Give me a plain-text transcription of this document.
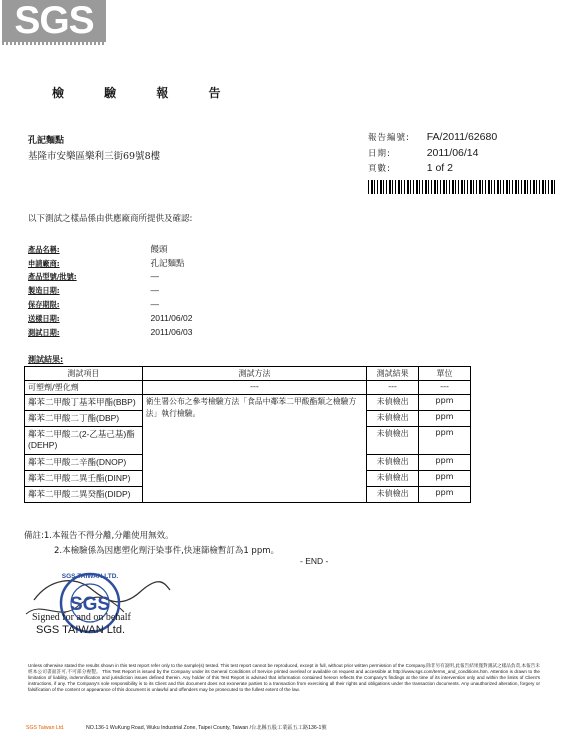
SGS
檢 驗 報 告
孔記麵點
基隆市安樂區樂利三街69號8樓
報告編號: FA/2011/62680
日期:	2011/06/14
頁數:	1 of 2
以下測試之樣品係由供應廠商所提供及確認:
產品名稱:	饅頭
申請廠商:	孔記麵點
產品型號/批號:	—
製造日期:	—
保存期限:	—
送樣日期:	2011/06/02
測試日期:	2011/06/03
測試結果:
測試項目	測試方法	測試結果	單位
可塑劑/塑化劑	---	---	---
鄰苯二甲酸丁基苯甲酯(BBP)	衛生署公布之參考檢驗方法「食品中鄰苯二甲酸酯類之檢驗方法」執行檢驗。	未偵檢出	ppm
鄰苯二甲酸二丁酯(DBP)		未偵檢出	ppm
鄰苯二甲酸二(2-乙基己基)酯(DEHP)		未偵檢出	ppm
鄰苯二甲酸二辛酯(DNOP)		未偵檢出	ppm
鄰苯二甲酸二異壬酯(DINP)		未偵檢出	ppm
鄰苯二甲酸二異癸酯(DIDP)		未偵檢出	ppm
備註:1.本報告不得分離,分離使用無效。
2.本檢驗係為因應塑化劑汙染事件,快速篩檢暫訂為1 ppm。
- END -
SGS TAIWAN LTD.
SGS
Signed for and on behalf
SGS TAIWAN Ltd.
Unless otherwise stated the results shown in this test report refer only to the sample(s) tested. This test report cannot be reproduced, except in full, without prior written permission of the Company.除非另有說明,此報告結果僅對測試之樣品負責,本報告未經本公司書面許可,不可部分複製。 This Test Report is issued by the Company under its General Conditions of Service printed overleaf or available on request and accessible at http://www.sgs.com/terms_and_conditions.htm. Attention is drawn to the limitation of liability, indemnification and jurisdiction issues defined therein. Any holder of this Test Report is advised that information contained hereon reflects the Company's findings at the time of its intervention only and within the limits of Client's instructions, if any. The Company's sole responsibility is to its Client and this document does not exonerate parties to a transaction from exercising all their rights and obligations under the transaction documents. Any unauthorized alteration, forgery or falsification of the content or appearance of this document is unlawful and offenders may be prosecuted to the fullest extent of the law.
SGS Taiwan Ltd.	NO.136-1 WuKung Road, Wuku Industrial Zone, Taipei County, Taiwan /台北縣五股工業區五工路136-1號
